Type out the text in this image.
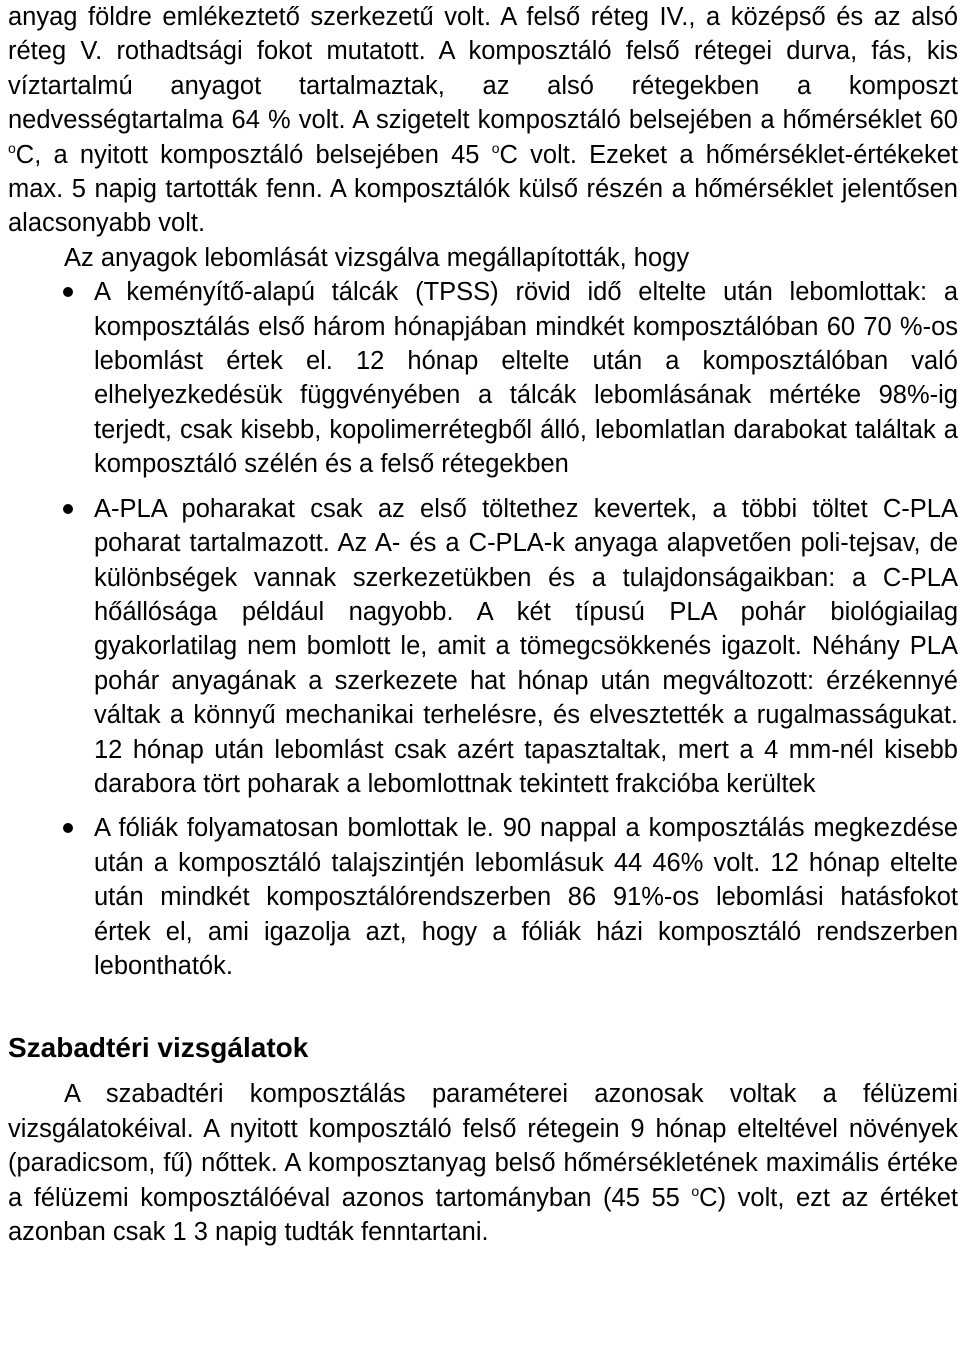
anyag földre emlékeztető szerkezetű volt. A felső réteg IV., a középső és az alsó réteg V. rothadtsági fokot mutatott. A komposztáló felső rétegei durva, fás, kis víztartalmú anyagot tartalmaztak, az alsó rétegekben a komposzt nedvességtartalma 64 % volt. A szigetelt komposztáló belsejében a hőmérséklet 60 $^o$C, a nyitott komposztáló belsejében 45 $^o$C volt. Ezeket a hőmérséklet-értékeket max. 5 napig tartották fenn. A komposztálók külső részén a hőmérséklet jelentősen alacsonyabb volt.

Az anyagok lebomlását vizsgálva megállapították, hogy

A keményítő-alapú tálcák (TPSS) rövid idő eltelte után lebomlottak: a komposztálás első három hónapjában mindkét komposztálóban 60 70 %-os lebomlást értek el. 12 hónap eltelte után a komposztálóban való elhelyezkedésük függvényében a tálcák lebomlásának mértéke 98%-ig terjedt, csak kisebb, kopolimerrétegből álló, lebomlatlan darabokat találtak a komposztáló szélén és a felső rétegekben
A-PLA poharakat csak az első töltethez kevertek, a többi töltet C-PLA poharat tartalmazott. Az A- és a C-PLA-k anyaga alapvetően poli-tejsav, de különbségek vannak szerkezetükben és a tulajdonságaikban: a C-PLA hőállósága például nagyobb. A két típusú PLA pohár biológiailag gyakorlatilag nem bomlott le, amit a tömegcsökkenés igazolt. Néhány PLA pohár anyagának a szerkezete hat hónap után megváltozott: érzékennyé váltak a könnyű mechanikai terhelésre, és elvesztették a rugalmasságukat. 12 hónap után lebomlást csak azért tapasztaltak, mert a 4 mm-nél kisebb darabora tört poharak a lebomlottnak tekintett frakcióba kerültek
A fóliák folyamatosan bomlottak le. 90 nappal a komposztálás megkezdése után a komposztáló talajszintjén lebomlásuk 44 46% volt. 12 hónap eltelte után mindkét komposztálórendszerben 86 91%-os lebomlási hatásfokot értek el, ami igazolja azt, hogy a fóliák házi komposztáló rendszerben lebonthatók.
Szabadtéri vizsgálatok

A szabadtéri komposztálás paraméterei azonosak voltak a félüzemi vizsgálatokéival. A nyitott komposztáló felső rétegein 9 hónap elteltével növények (paradicsom, fű) nőttek. A komposztanyag belső hőmérsékletének maximális értéke a félüzemi komposztálóéval azonos tartományban (45 55 $^o$C) volt, ezt az értéket azonban csak 1 3 napig tudták fenntartani.
